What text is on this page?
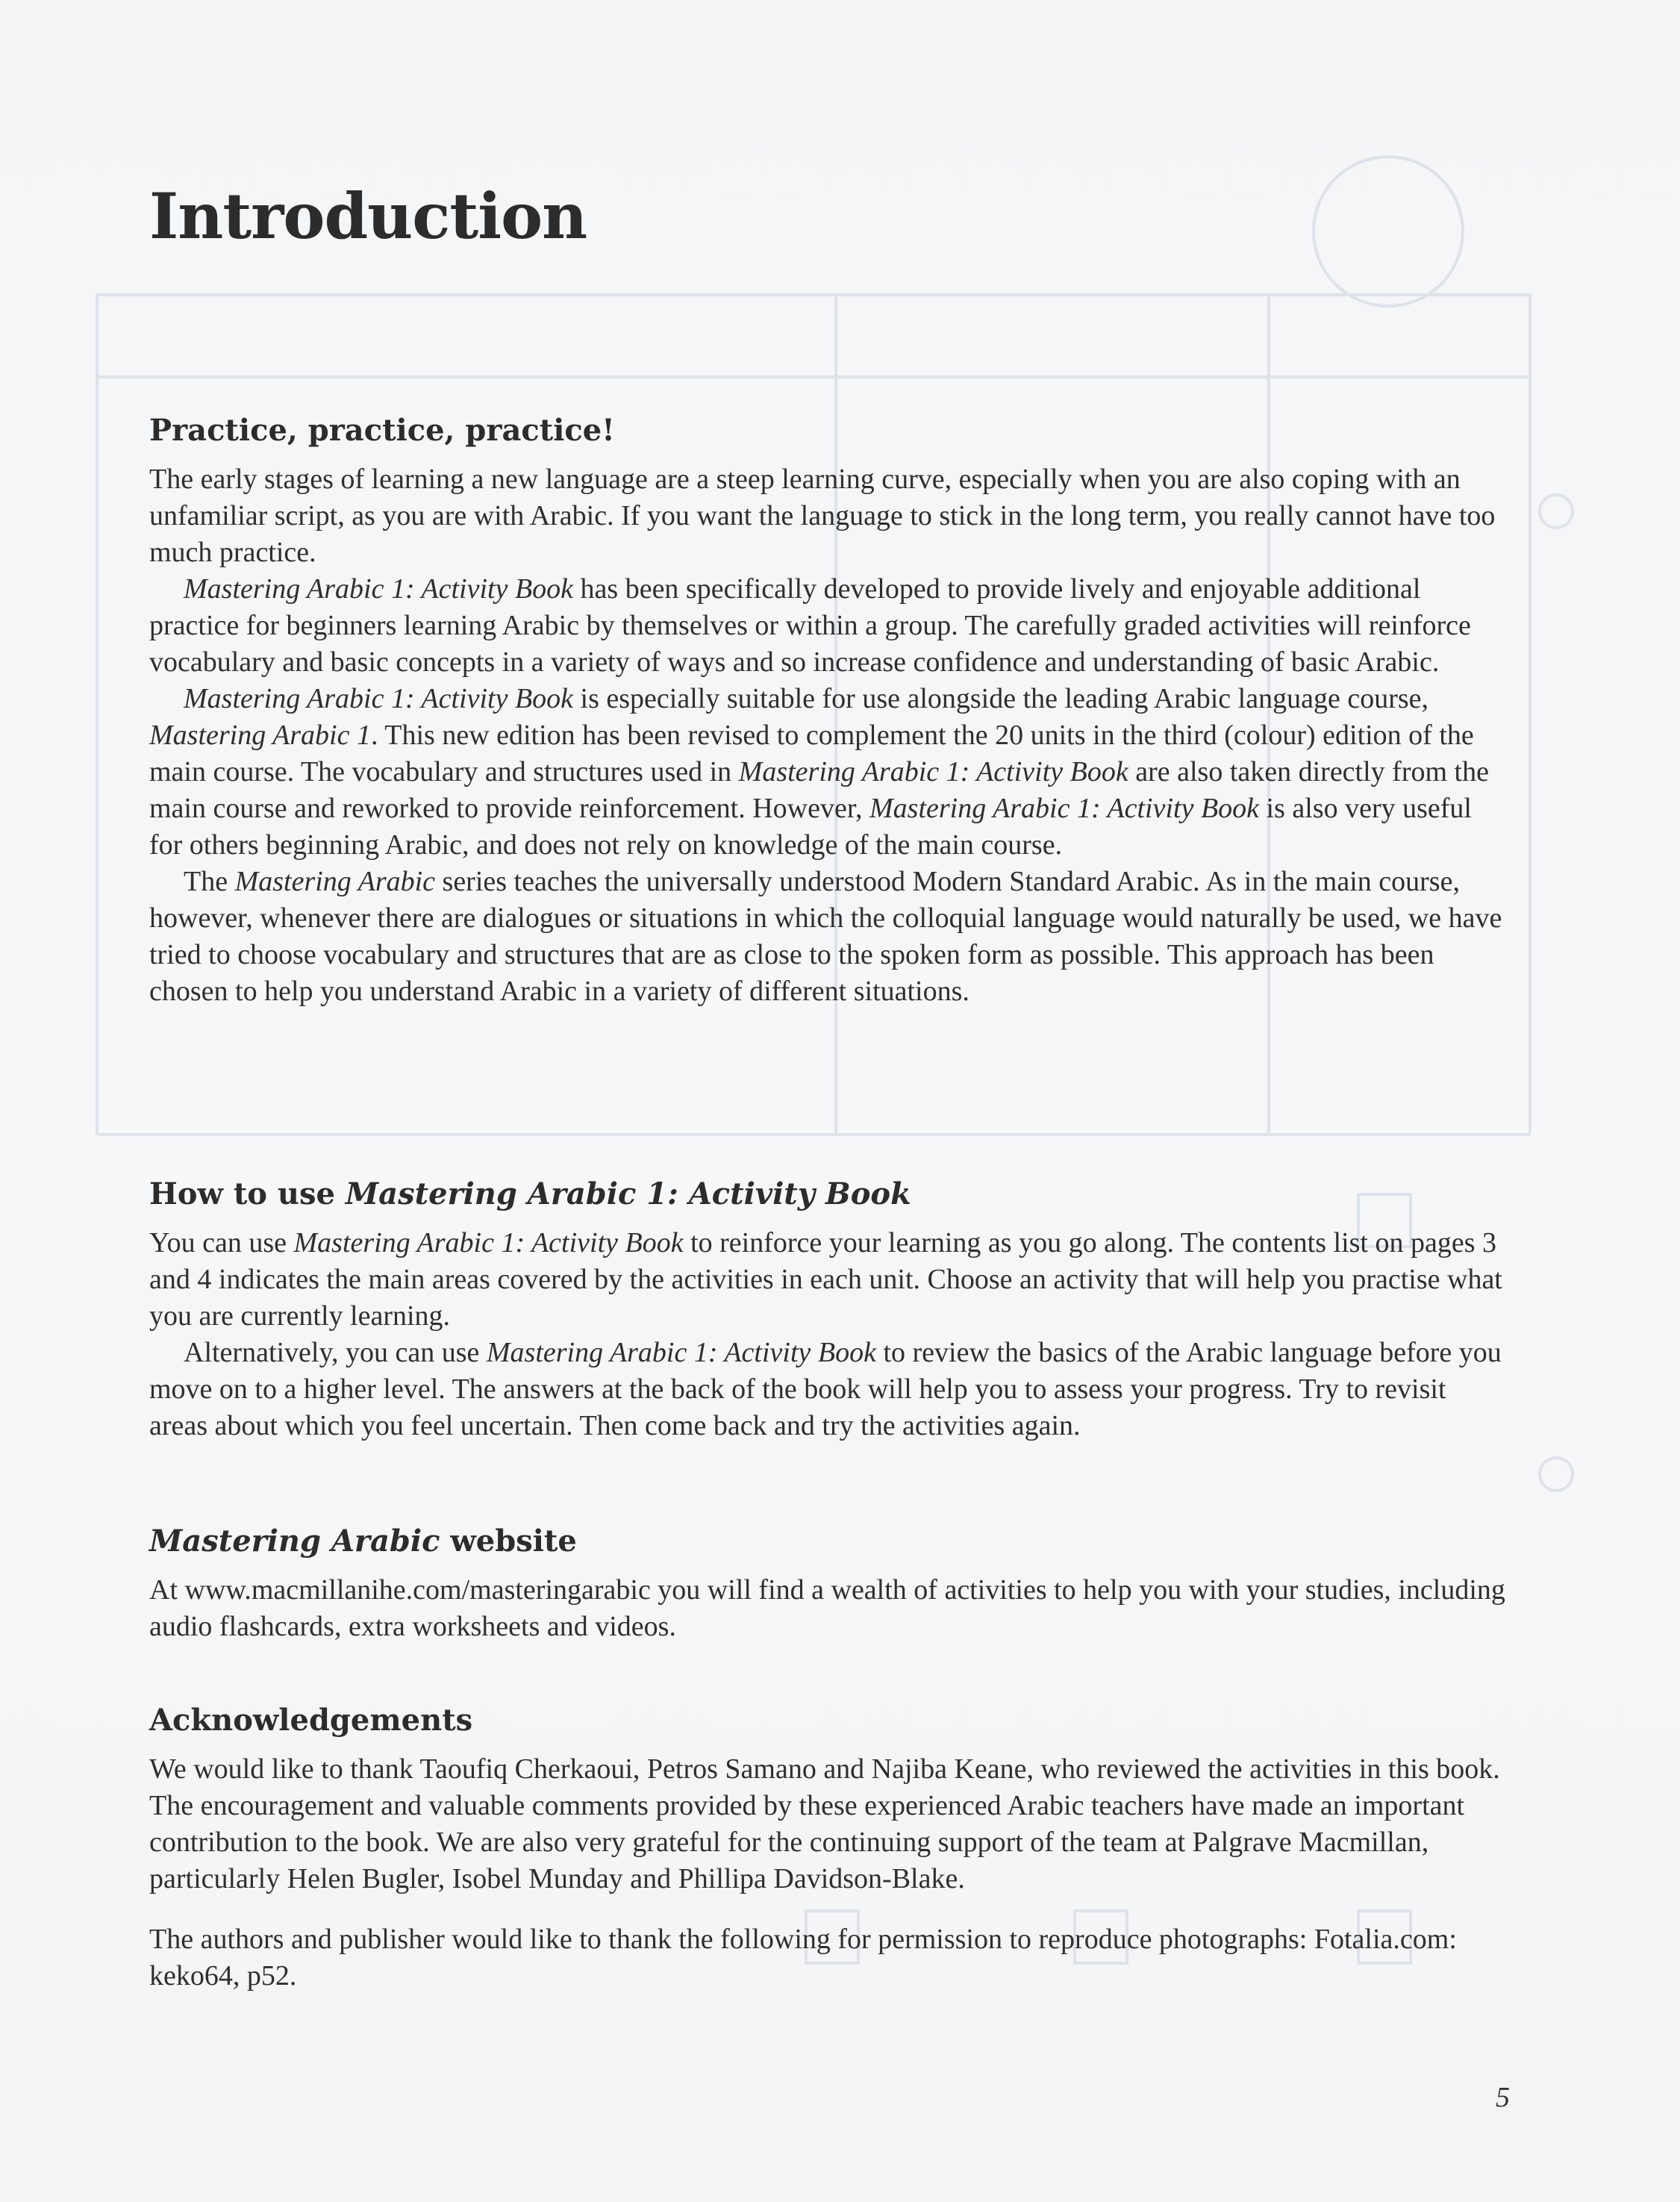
Introduction
Practice, practice, practice!

The early stages of learning a new language are a steep learning curve, especially when you are also coping with an unfamiliar script, as you are with Arabic. If you want the language to stick in the long term, you really cannot have too much practice.

Mastering Arabic 1: Activity Book has been specifically developed to provide lively and enjoyable additional practice for beginners learning Arabic by themselves or within a group. The carefully graded activities will reinforce vocabulary and basic concepts in a variety of ways and so increase confidence and understanding of basic Arabic.

Mastering Arabic 1: Activity Book is especially suitable for use alongside the leading Arabic language course, Mastering Arabic 1. This new edition has been revised to complement the 20 units in the third (colour) edition of the main course. The vocabulary and structures used in Mastering Arabic 1: Activity Book are also taken directly from the main course and reworked to provide reinforcement. However, Mastering Arabic 1: Activity Book is also very useful for others beginning Arabic, and does not rely on knowledge of the main course.

The Mastering Arabic series teaches the universally understood Modern Standard Arabic. As in the main course, however, whenever there are dialogues or situations in which the colloquial language would naturally be used, we have tried to choose vocabulary and structures that are as close to the spoken form as possible. This approach has been chosen to help you understand Arabic in a variety of different situations.

How to use Mastering Arabic 1: Activity Book

You can use Mastering Arabic 1: Activity Book to reinforce your learning as you go along. The contents list on pages 3 and 4 indicates the main areas covered by the activities in each unit. Choose an activity that will help you practise what you are currently learning.

Alternatively, you can use Mastering Arabic 1: Activity Book to review the basics of the Arabic language before you move on to a higher level. The answers at the back of the book will help you to assess your progress. Try to revisit areas about which you feel uncertain. Then come back and try the activities again.

Mastering Arabic website

At www.macmillanihe.com/masteringarabic you will find a wealth of activities to help you with your studies, including audio flashcards, extra worksheets and videos.

Acknowledgements

We would like to thank Taoufiq Cherkaoui, Petros Samano and Najiba Keane, who reviewed the activities in this book. The encouragement and valuable comments provided by these experienced Arabic teachers have made an important contribution to the book. We are also very grateful for the continuing support of the team at Palgrave Macmillan, particularly Helen Bugler, Isobel Munday and Phillipa Davidson-Blake.

The authors and publisher would like to thank the following for permission to reproduce photographs: Fotalia.com: keko64, p52.

5
